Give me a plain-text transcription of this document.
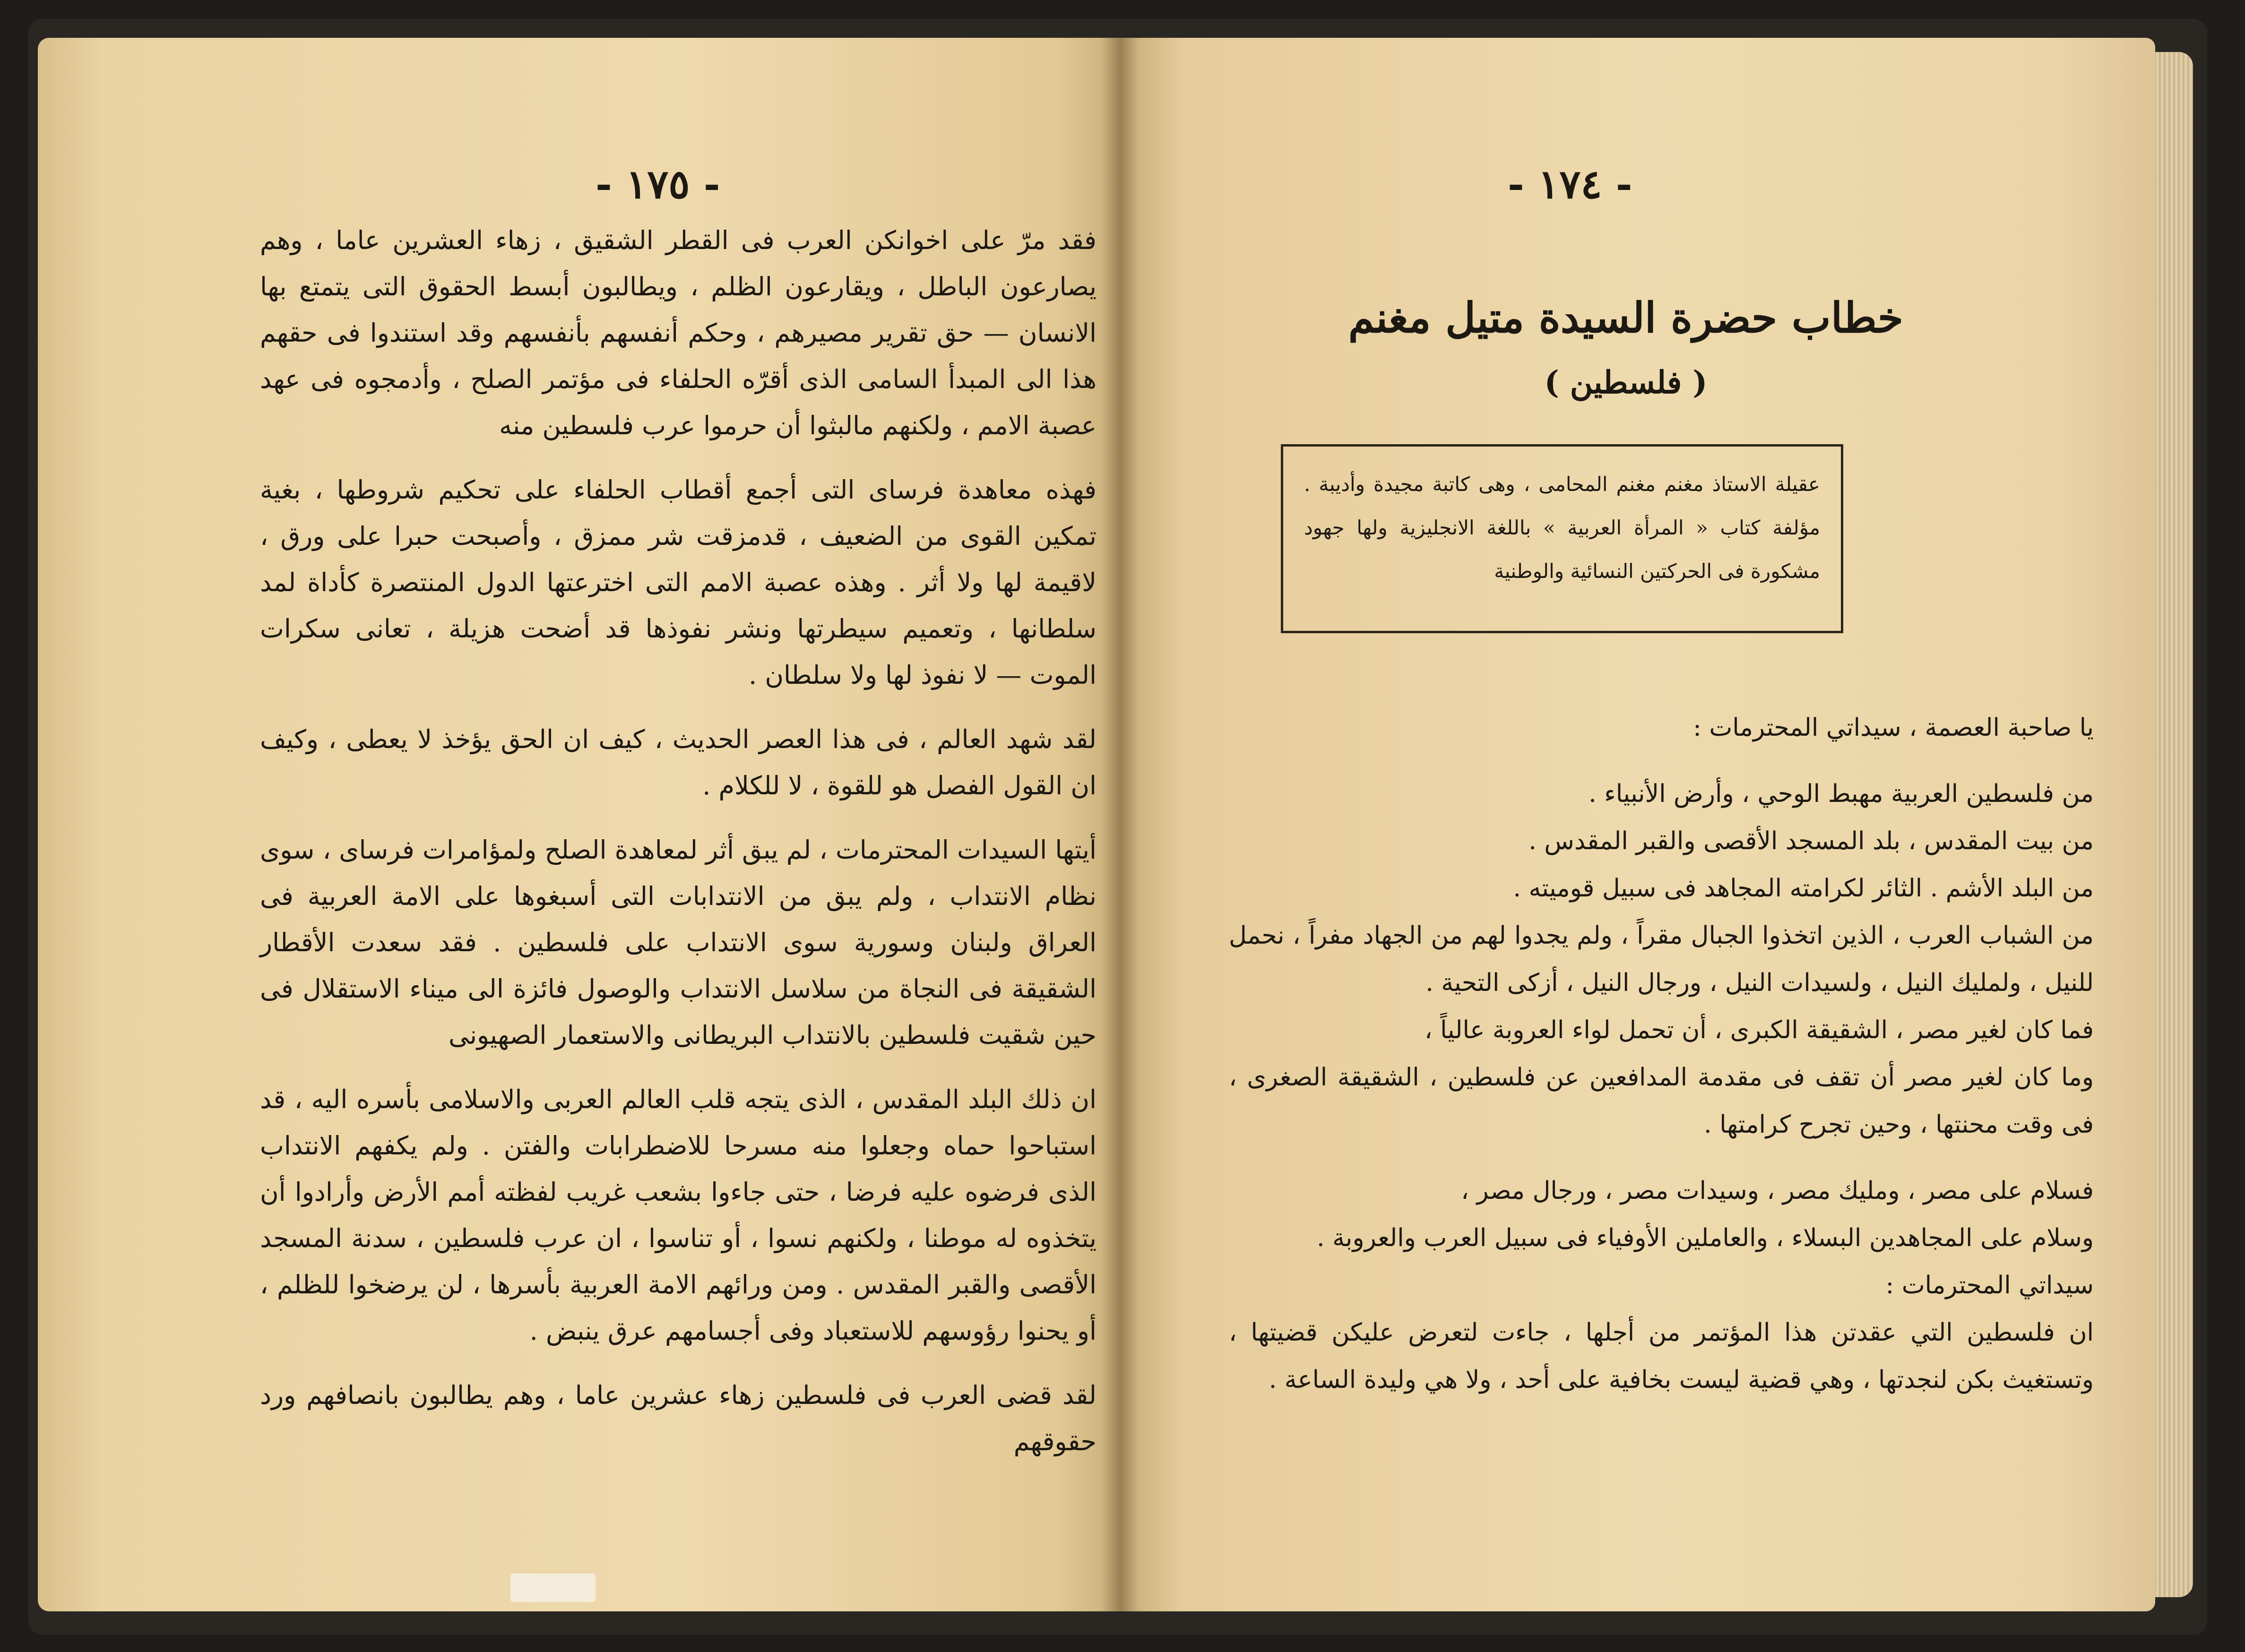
- ١٧٥ -

فقد مرّ على اخوانكن العرب فى القطر الشقيق ، زهاء العشرين عاما ، وهم يصارعون الباطل ، ويقارعون الظلم ، ويطالبون أبسط الحقوق التى يتمتع بها الانسان — حق تقرير مصيرهم ، وحكم أنفسهم بأنفسهم وقد استندوا فى حقهم هذا الى المبدأ السامى الذى أقرّه الحلفاء فى مؤتمر الصلح ، وأدمجوه فى عهد عصبة الامم ، ولكنهم مالبثوا أن حرموا عرب فلسطين منه

فهذه معاهدة فرساى التى أجمع أقطاب الحلفاء على تحكيم شروطها ، بغية تمكين القوى من الضعيف ، قدمزقت شر ممزق ، وأصبحت حبرا على ورق ، لاقيمة لها ولا أثر . وهذه عصبة الامم التى اخترعتها الدول المنتصرة كأداة لمد سلطانها ، وتعميم سيطرتها ونشر نفوذها قد أضحت هزيلة ، تعانى سكرات الموت — لا نفوذ لها ولا سلطان .

لقد شهد العالم ، فى هذا العصر الحديث ، كيف ان الحق يؤخذ لا يعطى ، وكيف ان القول الفصل هو للقوة ، لا للكلام .

أيتها السيدات المحترمات ، لم يبق أثر لمعاهدة الصلح ولمؤامرات فرساى ، سوى نظام الانتداب ، ولم يبق من الانتدابات التى أسبغوها على الامة العربية فى العراق ولبنان وسورية سوى الانتداب على فلسطين . فقد سعدت الأقطار الشقيقة فى النجاة من سلاسل الانتداب والوصول فائزة الى ميناء الاستقلال فى حين شقيت فلسطين بالانتداب البريطانى والاستعمار الصهيونى

ان ذلك البلد المقدس ، الذى يتجه قلب العالم العربى والاسلامى بأسره اليه ، قد استباحوا حماه وجعلوا منه مسرحا للاضطرابات والفتن . ولم يكفهم الانتداب الذى فرضوه عليه فرضا ، حتى جاءوا بشعب غريب لفظته أمم الأرض وأرادوا أن يتخذوه له موطنا ، ولكنهم نسوا ، أو تناسوا ، ان عرب فلسطين ، سدنة المسجد الأقصى والقبر المقدس . ومن ورائهم الامة العربية بأسرها ، لن يرضخوا للظلم ، أو يحنوا رؤوسهم للاستعباد وفى أجسامهم عرق ينبض .

لقد قضى العرب فى فلسطين زهاء عشرين عاما ، وهم يطالبون بانصافهم ورد حقوقهم

- ١٧٤ -
خطاب حضرة السيدة متيل مغنم
( فلسطين )
عقيلة الاستاذ مغنم مغنم المحامى ، وهى كاتبة مجيدة وأديبة . مؤلفة كتاب « المرأة العربية » باللغة الانجليزية ولها جهود مشكورة فى الحركتين النسائية والوطنية
يا صاحبة العصمة ، سيداتي المحترمات :
من فلسطين العربية مهبط الوحي ، وأرض الأنبياء .
من بيت المقدس ، بلد المسجد الأقصى والقبر المقدس .
من البلد الأشم . الثائر لكرامته المجاهد فى سبيل قوميته .
من الشباب العرب ، الذين اتخذوا الجبال مقراً ، ولم يجدوا لهم من الجهاد مفراً ، نحمل للنيل ، ولمليك النيل ، ولسيدات النيل ، ورجال النيل ، أزكى التحية .
فما كان لغير مصر ، الشقيقة الكبرى ، أن تحمل لواء العروبة عالياً ،
وما كان لغير مصر أن تقف فى مقدمة المدافعين عن فلسطين ، الشقيقة الصغرى ، فى وقت محنتها ، وحين تجرح كرامتها .
فسلام على مصر ، ومليك مصر ، وسيدات مصر ، ورجال مصر ،
وسلام على المجاهدين البسلاء ، والعاملين الأوفياء فى سبيل العرب والعروبة .
سيداتي المحترمات :
ان فلسطين التي عقدتن هذا المؤتمر من أجلها ، جاءت لتعرض عليكن قضيتها ، وتستغيث بكن لنجدتها ، وهي قضية ليست بخافية على أحد ، ولا هي وليدة الساعة .
